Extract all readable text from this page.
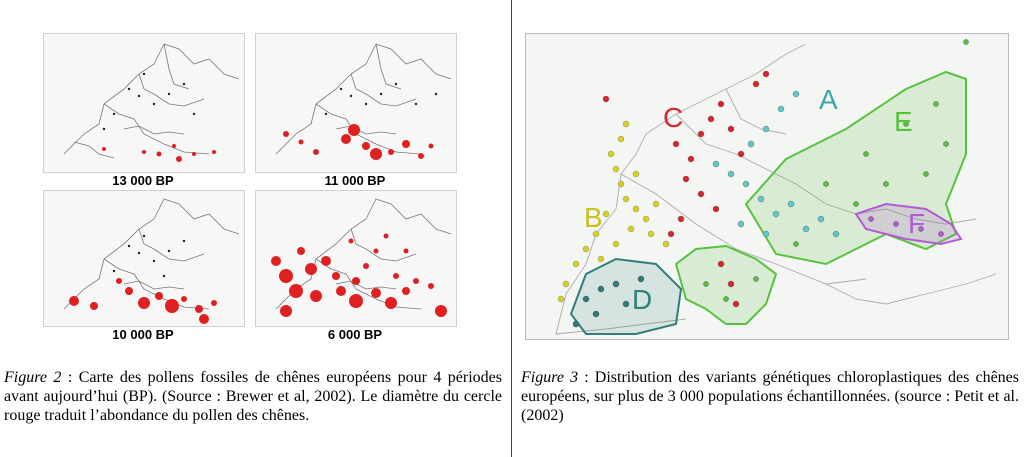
13 000 BP	11 000 BP
10 000 BP	6 000 BP
Figure 2 : Carte des pollens fossiles de chênes européens pour 4 périodes avant aujourd’hui (BP). (Source : Brewer et al, 2002). Le diamètre du cercle rouge traduit l’abondance du pollen des chênes.
A
B
C
D
E
F
Figure 3 : Distribution des variants génétiques chloroplastiques des chênes européens, sur plus de 3 000 populations échantillonnées. (source : Petit et al. (2002)
